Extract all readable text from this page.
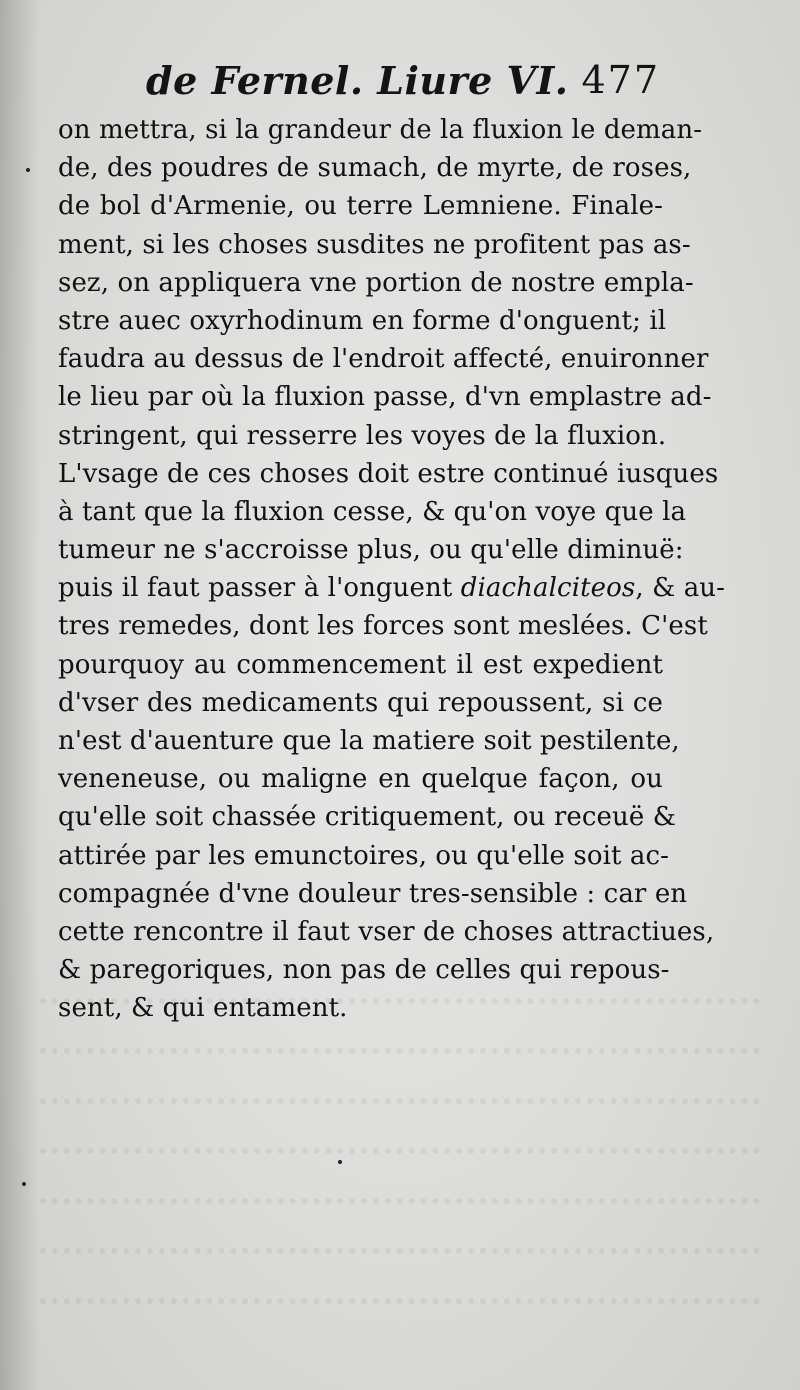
de Fernel. Liure VI. 477
on mettra, si la grandeur de la fluxion le deman-
de, des poudres de sumach, de myrte, de roses,
de bol d'Armenie, ou terre Lemniene. Finale-
ment, si les choses susdites ne profitent pas as-
sez, on appliquera vne portion de nostre empla-
stre auec oxyrhodinum en forme d'onguent; il
faudra au dessus de l'endroit affecté, enuironner
le lieu par où la fluxion passe, d'vn emplastre ad-
stringent, qui resserre les voyes de la fluxion.
L'vsage de ces choses doit estre continué iusques
à tant que la fluxion cesse, & qu'on voye que la
tumeur ne s'accroisse plus, ou qu'elle diminuë:
puis il faut passer à l'onguent diachalciteos, & au-
tres remedes, dont les forces sont meslées. C'est
pourquoy au commencement il est expedient
d'vser des medicaments qui repoussent, si ce
n'est d'auenture que la matiere soit pestilente,
veneneuse, ou maligne en quelque façon, ou
qu'elle soit chassée critiquement, ou receuë &
attirée par les emunctoires, ou qu'elle soit ac-
compagnée d'vne douleur tres-sensible : car en
cette rencontre il faut vser de choses attractiues,
& paregoriques, non pas de celles qui repous-
sent, & qui entament.
